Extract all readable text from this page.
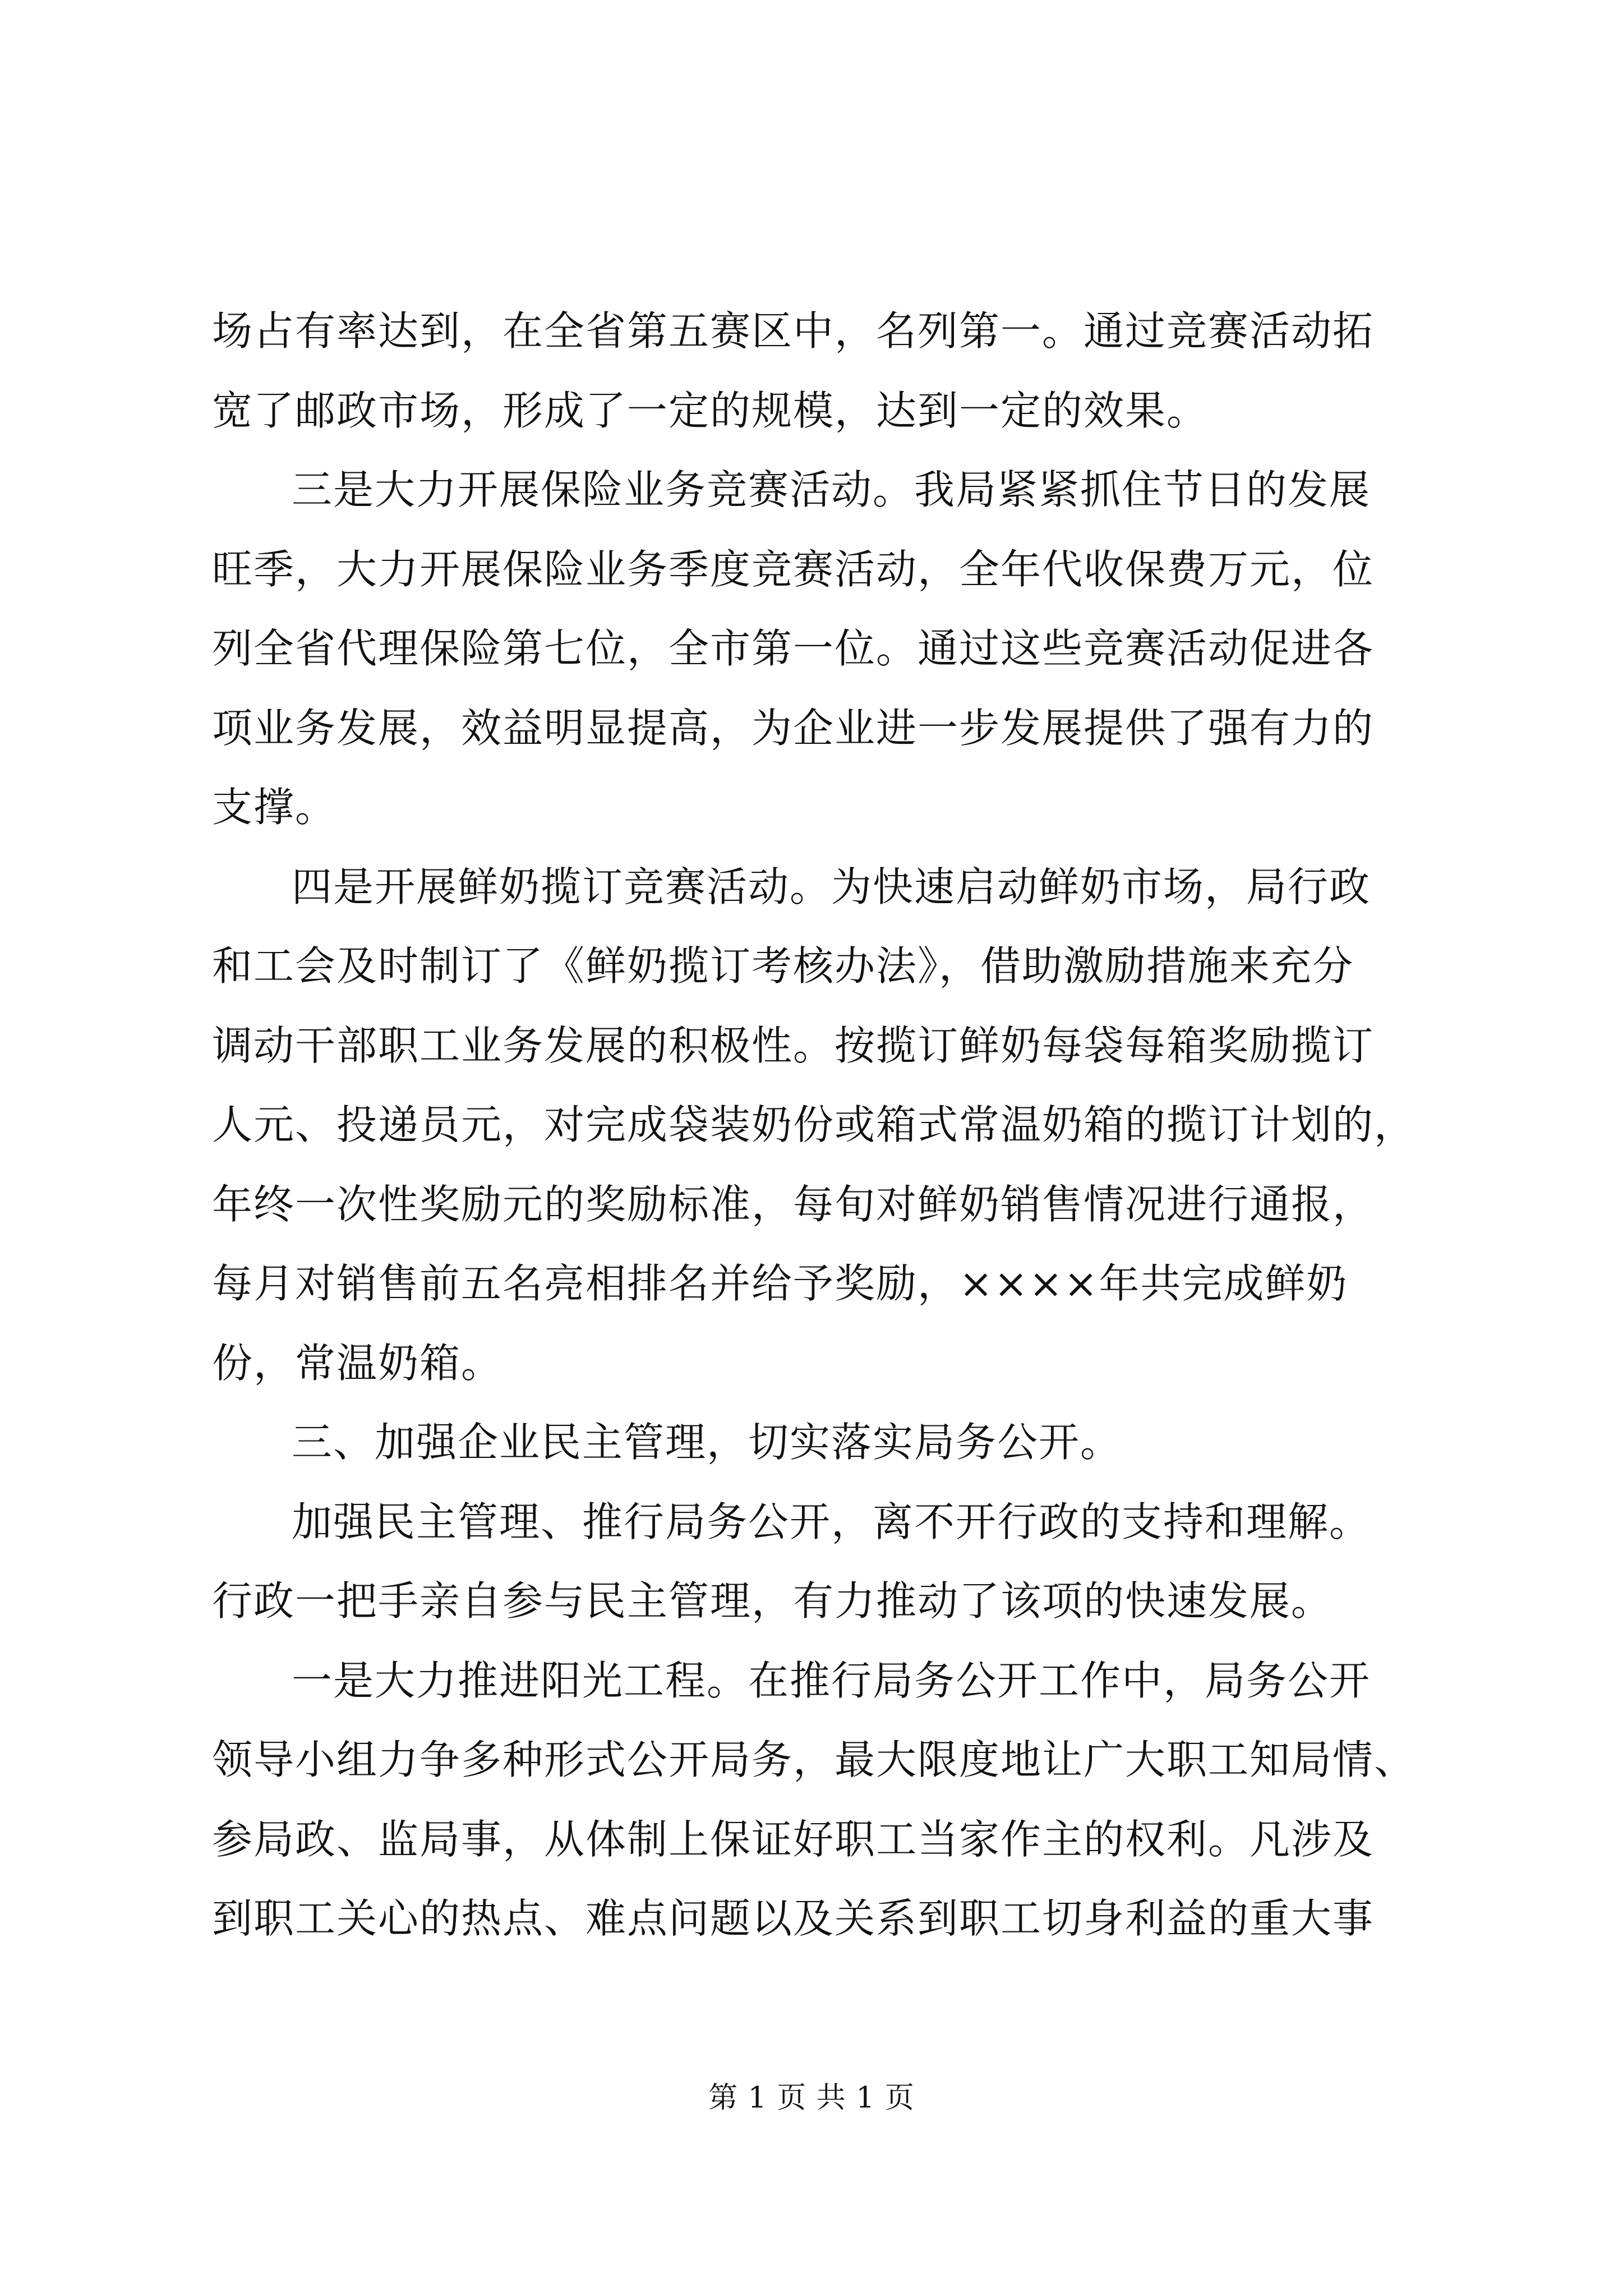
场占有率达到，在全省第五赛区中，名列第一。通过竞赛活动拓
宽了邮政市场，形成了一定的规模，达到一定的效果。
三是大力开展保险业务竞赛活动。我局紧紧抓住节日的发展
旺季，大力开展保险业务季度竞赛活动，全年代收保费万元，位
列全省代理保险第七位，全市第一位。通过这些竞赛活动促进各
项业务发展，效益明显提高，为企业进一步发展提供了强有力的
支撑。
四是开展鲜奶揽订竞赛活动。为快速启动鲜奶市场，局行政
和工会及时制订了《鲜奶揽订考核办法》，借助激励措施来充分
调动干部职工业务发展的积极性。按揽订鲜奶每袋每箱奖励揽订
人元、投递员元，对完成袋装奶份或箱式常温奶箱的揽订计划的，
年终一次性奖励元的奖励标准，每旬对鲜奶销售情况进行通报，
每月对销售前五名亮相排名并给予奖励，××××年共完成鲜奶
份，常温奶箱。
三、加强企业民主管理，切实落实局务公开。
加强民主管理、推行局务公开，离不开行政的支持和理解。
行政一把手亲自参与民主管理，有力推动了该项的快速发展。
一是大力推进阳光工程。在推行局务公开工作中，局务公开
领导小组力争多种形式公开局务，最大限度地让广大职工知局情、
参局政、监局事，从体制上保证好职工当家作主的权利。凡涉及
到职工关心的热点、难点问题以及关系到职工切身利益的重大事
第 1 页 共 1 页
